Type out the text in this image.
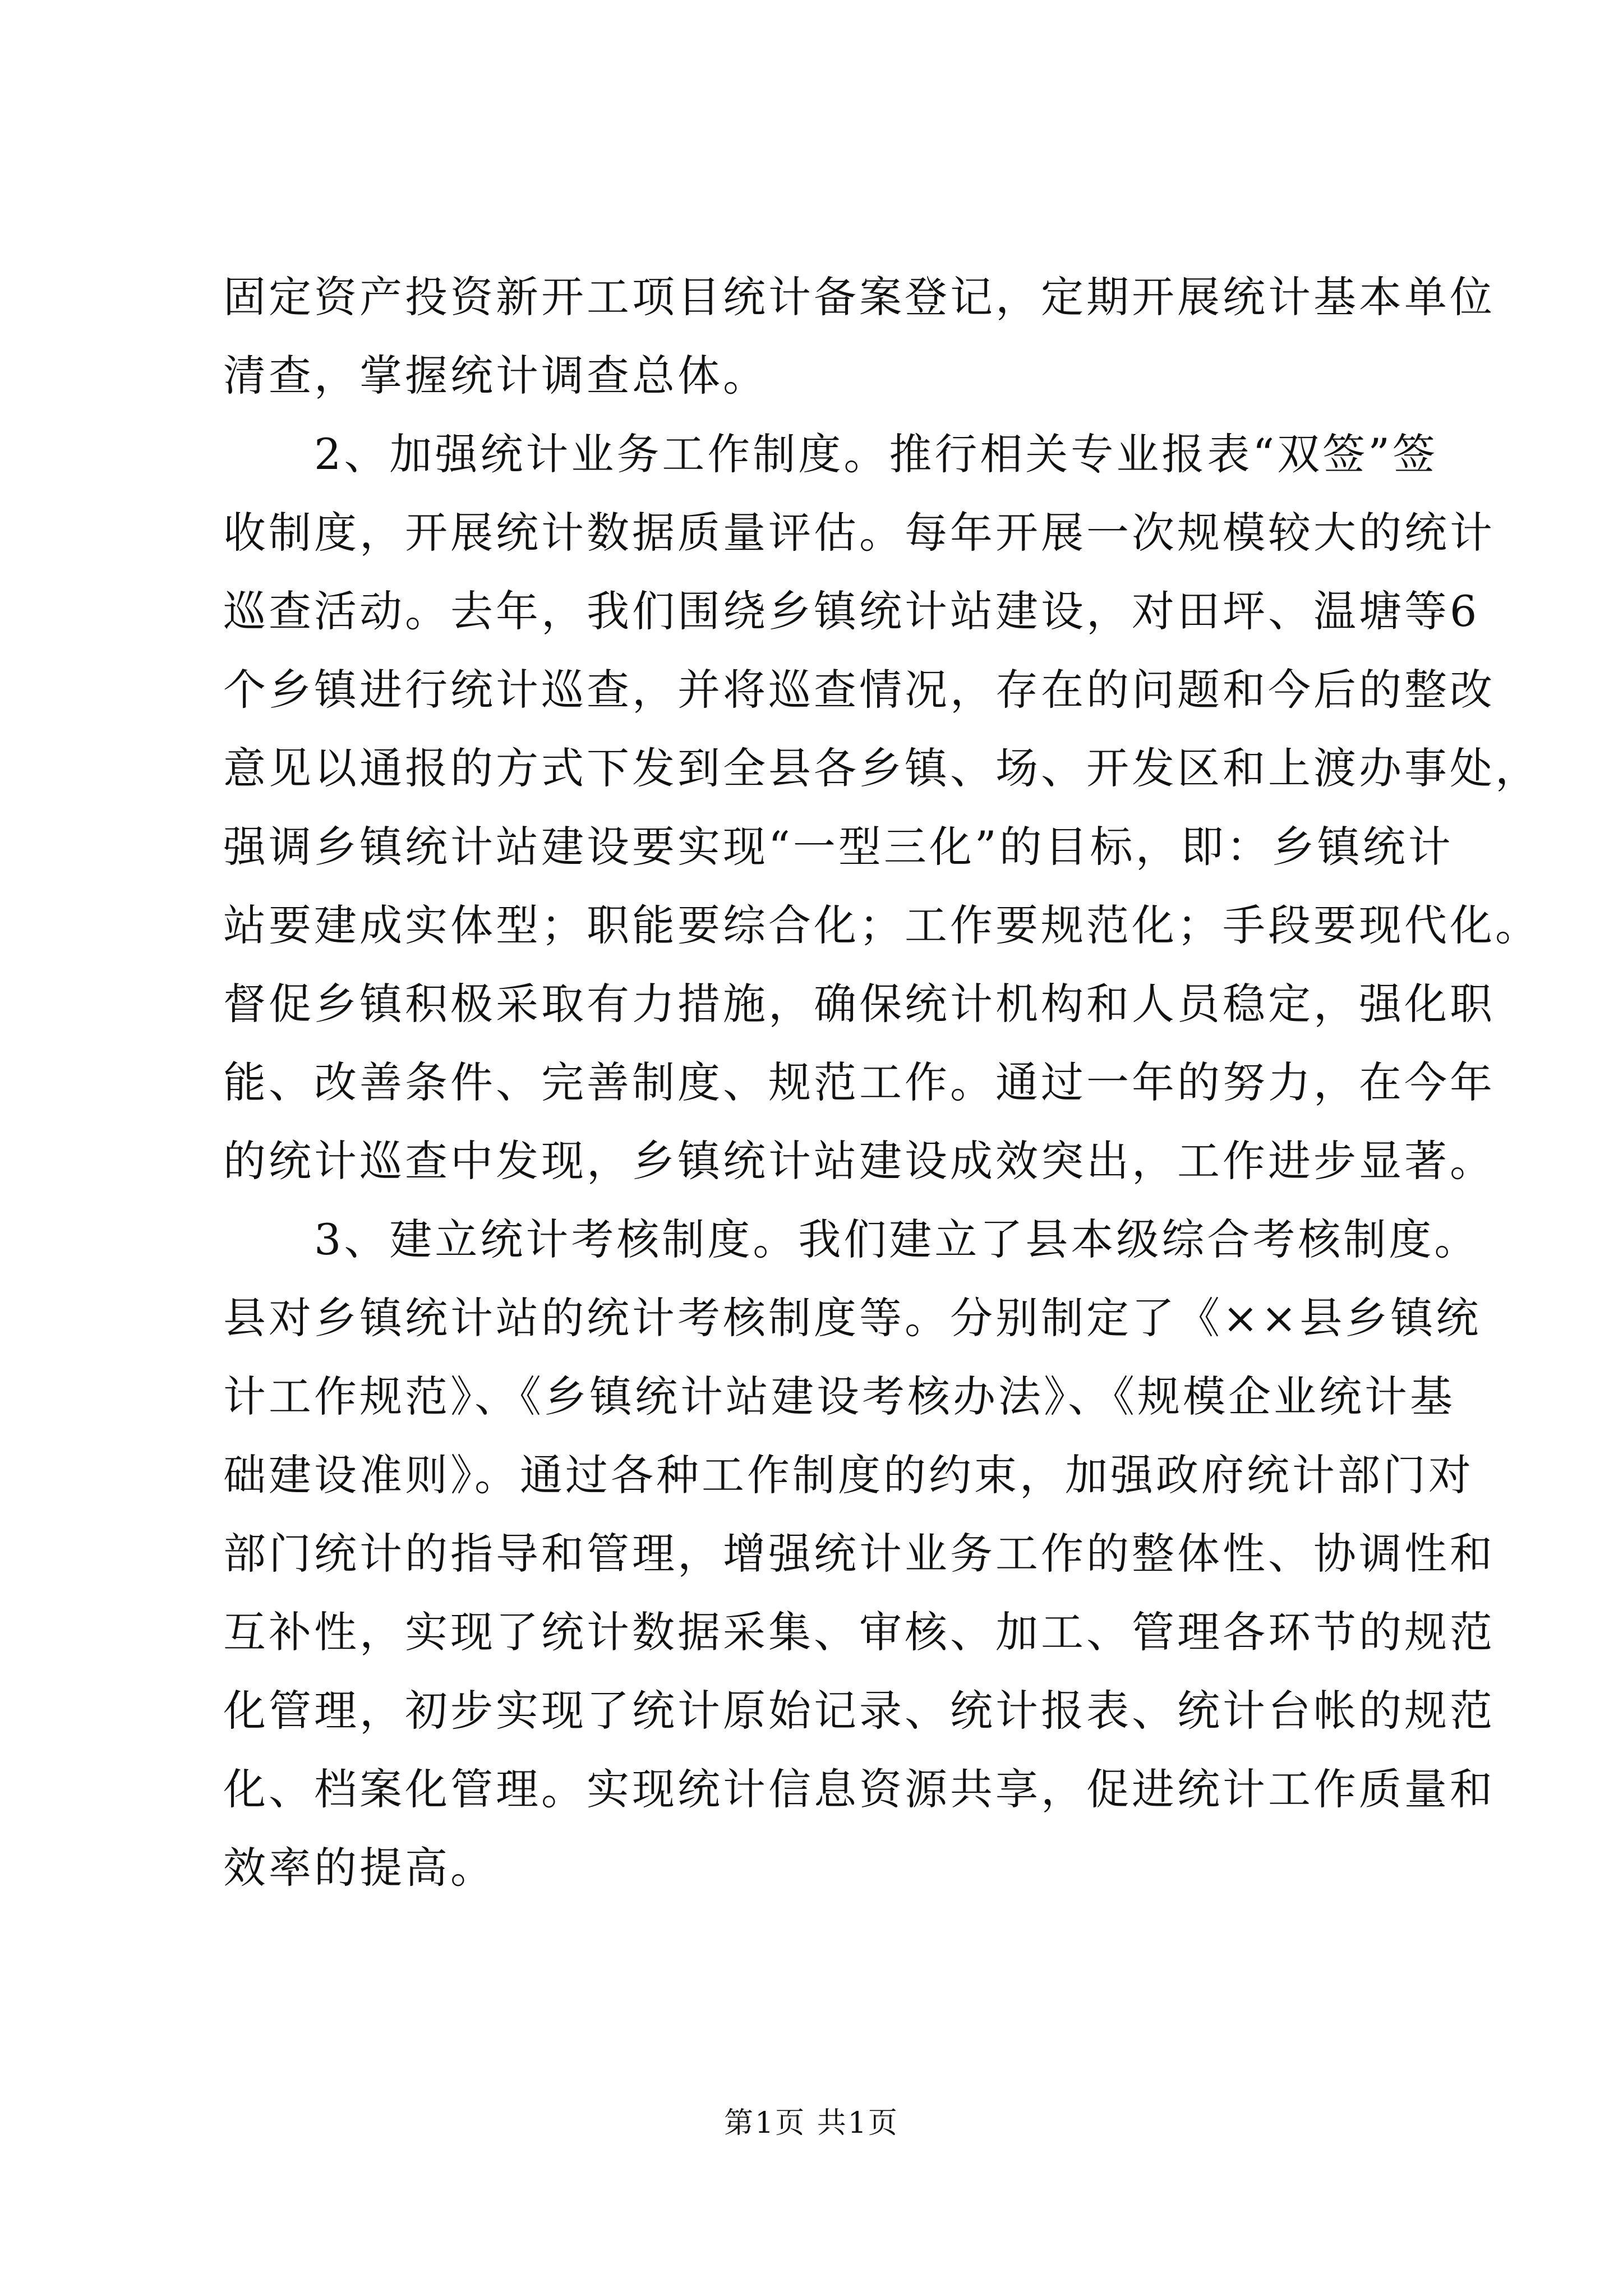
固定资产投资新开工项目统计备案登记，定期开展统计基本单位
清查，掌握统计调查总体。
　　2、加强统计业务工作制度。推行相关专业报表“双签”签
收制度，开展统计数据质量评估。每年开展一次规模较大的统计
巡查活动。去年，我们围绕乡镇统计站建设，对田坪、温塘等6
个乡镇进行统计巡查，并将巡查情况，存在的问题和今后的整改
意见以通报的方式下发到全县各乡镇、场、开发区和上渡办事处，
强调乡镇统计站建设要实现“一型三化”的目标，即：乡镇统计
站要建成实体型；职能要综合化；工作要规范化；手段要现代化。
督促乡镇积极采取有力措施，确保统计机构和人员稳定，强化职
能、改善条件、完善制度、规范工作。通过一年的努力，在今年
的统计巡查中发现，乡镇统计站建设成效突出，工作进步显著。
　　3、建立统计考核制度。我们建立了县本级综合考核制度。
县对乡镇统计站的统计考核制度等。分别制定了《××县乡镇统
计工作规范》、《乡镇统计站建设考核办法》、《规模企业统计基
础建设准则》。通过各种工作制度的约束，加强政府统计部门对
部门统计的指导和管理，增强统计业务工作的整体性、协调性和
互补性，实现了统计数据采集、审核、加工、管理各环节的规范
化管理，初步实现了统计原始记录、统计报表、统计台帐的规范
化、档案化管理。实现统计信息资源共享，促进统计工作质量和
效率的提高。
第1页 共1页
